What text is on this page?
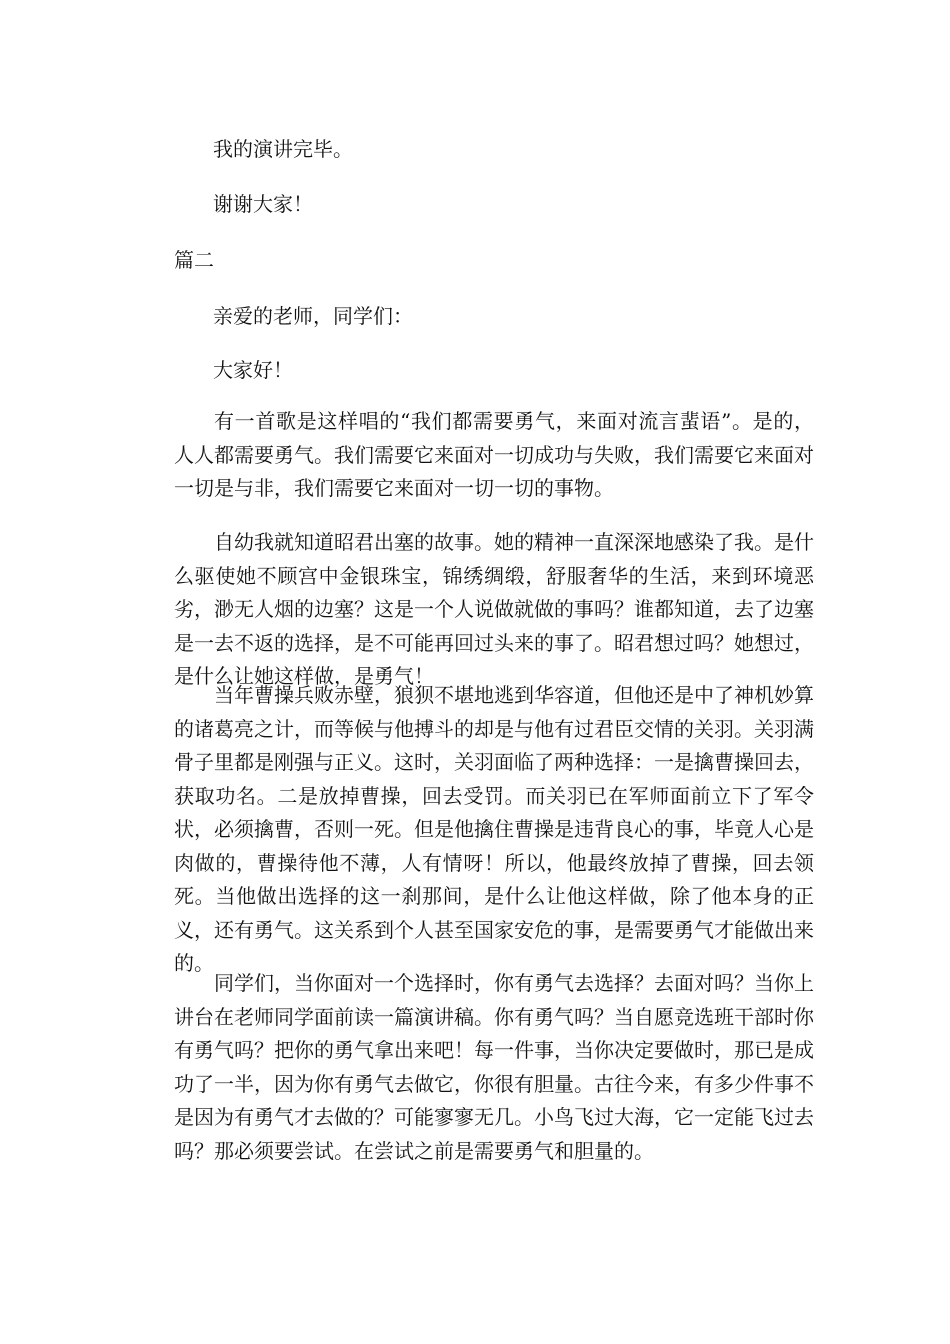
我的演讲完毕。

谢谢大家！

篇二

亲爱的老师，同学们：

大家好！

有一首歌是这样唱的“我们都需要勇气，来面对流言蜚语”。是的，人人都需要勇气。我们需要它来面对一切成功与失败，我们需要它来面对一切是与非，我们需要它来面对一切一切的事物。

自幼我就知道昭君出塞的故事。她的精神一直深深地感染了我。是什么驱使她不顾宫中金银珠宝，锦绣绸缎，舒服奢华的生活，来到环境恶劣，渺无人烟的边塞？这是一个人说做就做的事吗？谁都知道，去了边塞是一去不返的选择，是不可能再回过头来的事了。昭君想过吗？她想过，是什么让她这样做，是勇气！

当年曹操兵败赤壁，狼狈不堪地逃到华容道，但他还是中了神机妙算的诸葛亮之计，而等候与他搏斗的却是与他有过君臣交情的关羽。关羽满骨子里都是刚强与正义。这时，关羽面临了两种选择：一是擒曹操回去，获取功名。二是放掉曹操，回去受罚。而关羽已在军师面前立下了军令状，必须擒曹，否则一死。但是他擒住曹操是违背良心的事，毕竟人心是肉做的，曹操待他不薄，人有情呀！所以，他最终放掉了曹操，回去领死。当他做出选择的这一刹那间，是什么让他这样做，除了他本身的正义，还有勇气。这关系到个人甚至国家安危的事，是需要勇气才能做出来的。

同学们，当你面对一个选择时，你有勇气去选择？去面对吗？当你上讲台在老师同学面前读一篇演讲稿。你有勇气吗？当自愿竞选班干部时你有勇气吗？把你的勇气拿出来吧！每一件事，当你决定要做时，那已是成功了一半，因为你有勇气去做它，你很有胆量。古往今来，有多少件事不是因为有勇气才去做的？可能寥寥无几。小鸟飞过大海，它一定能飞过去吗？那必须要尝试。在尝试之前是需要勇气和胆量的。
